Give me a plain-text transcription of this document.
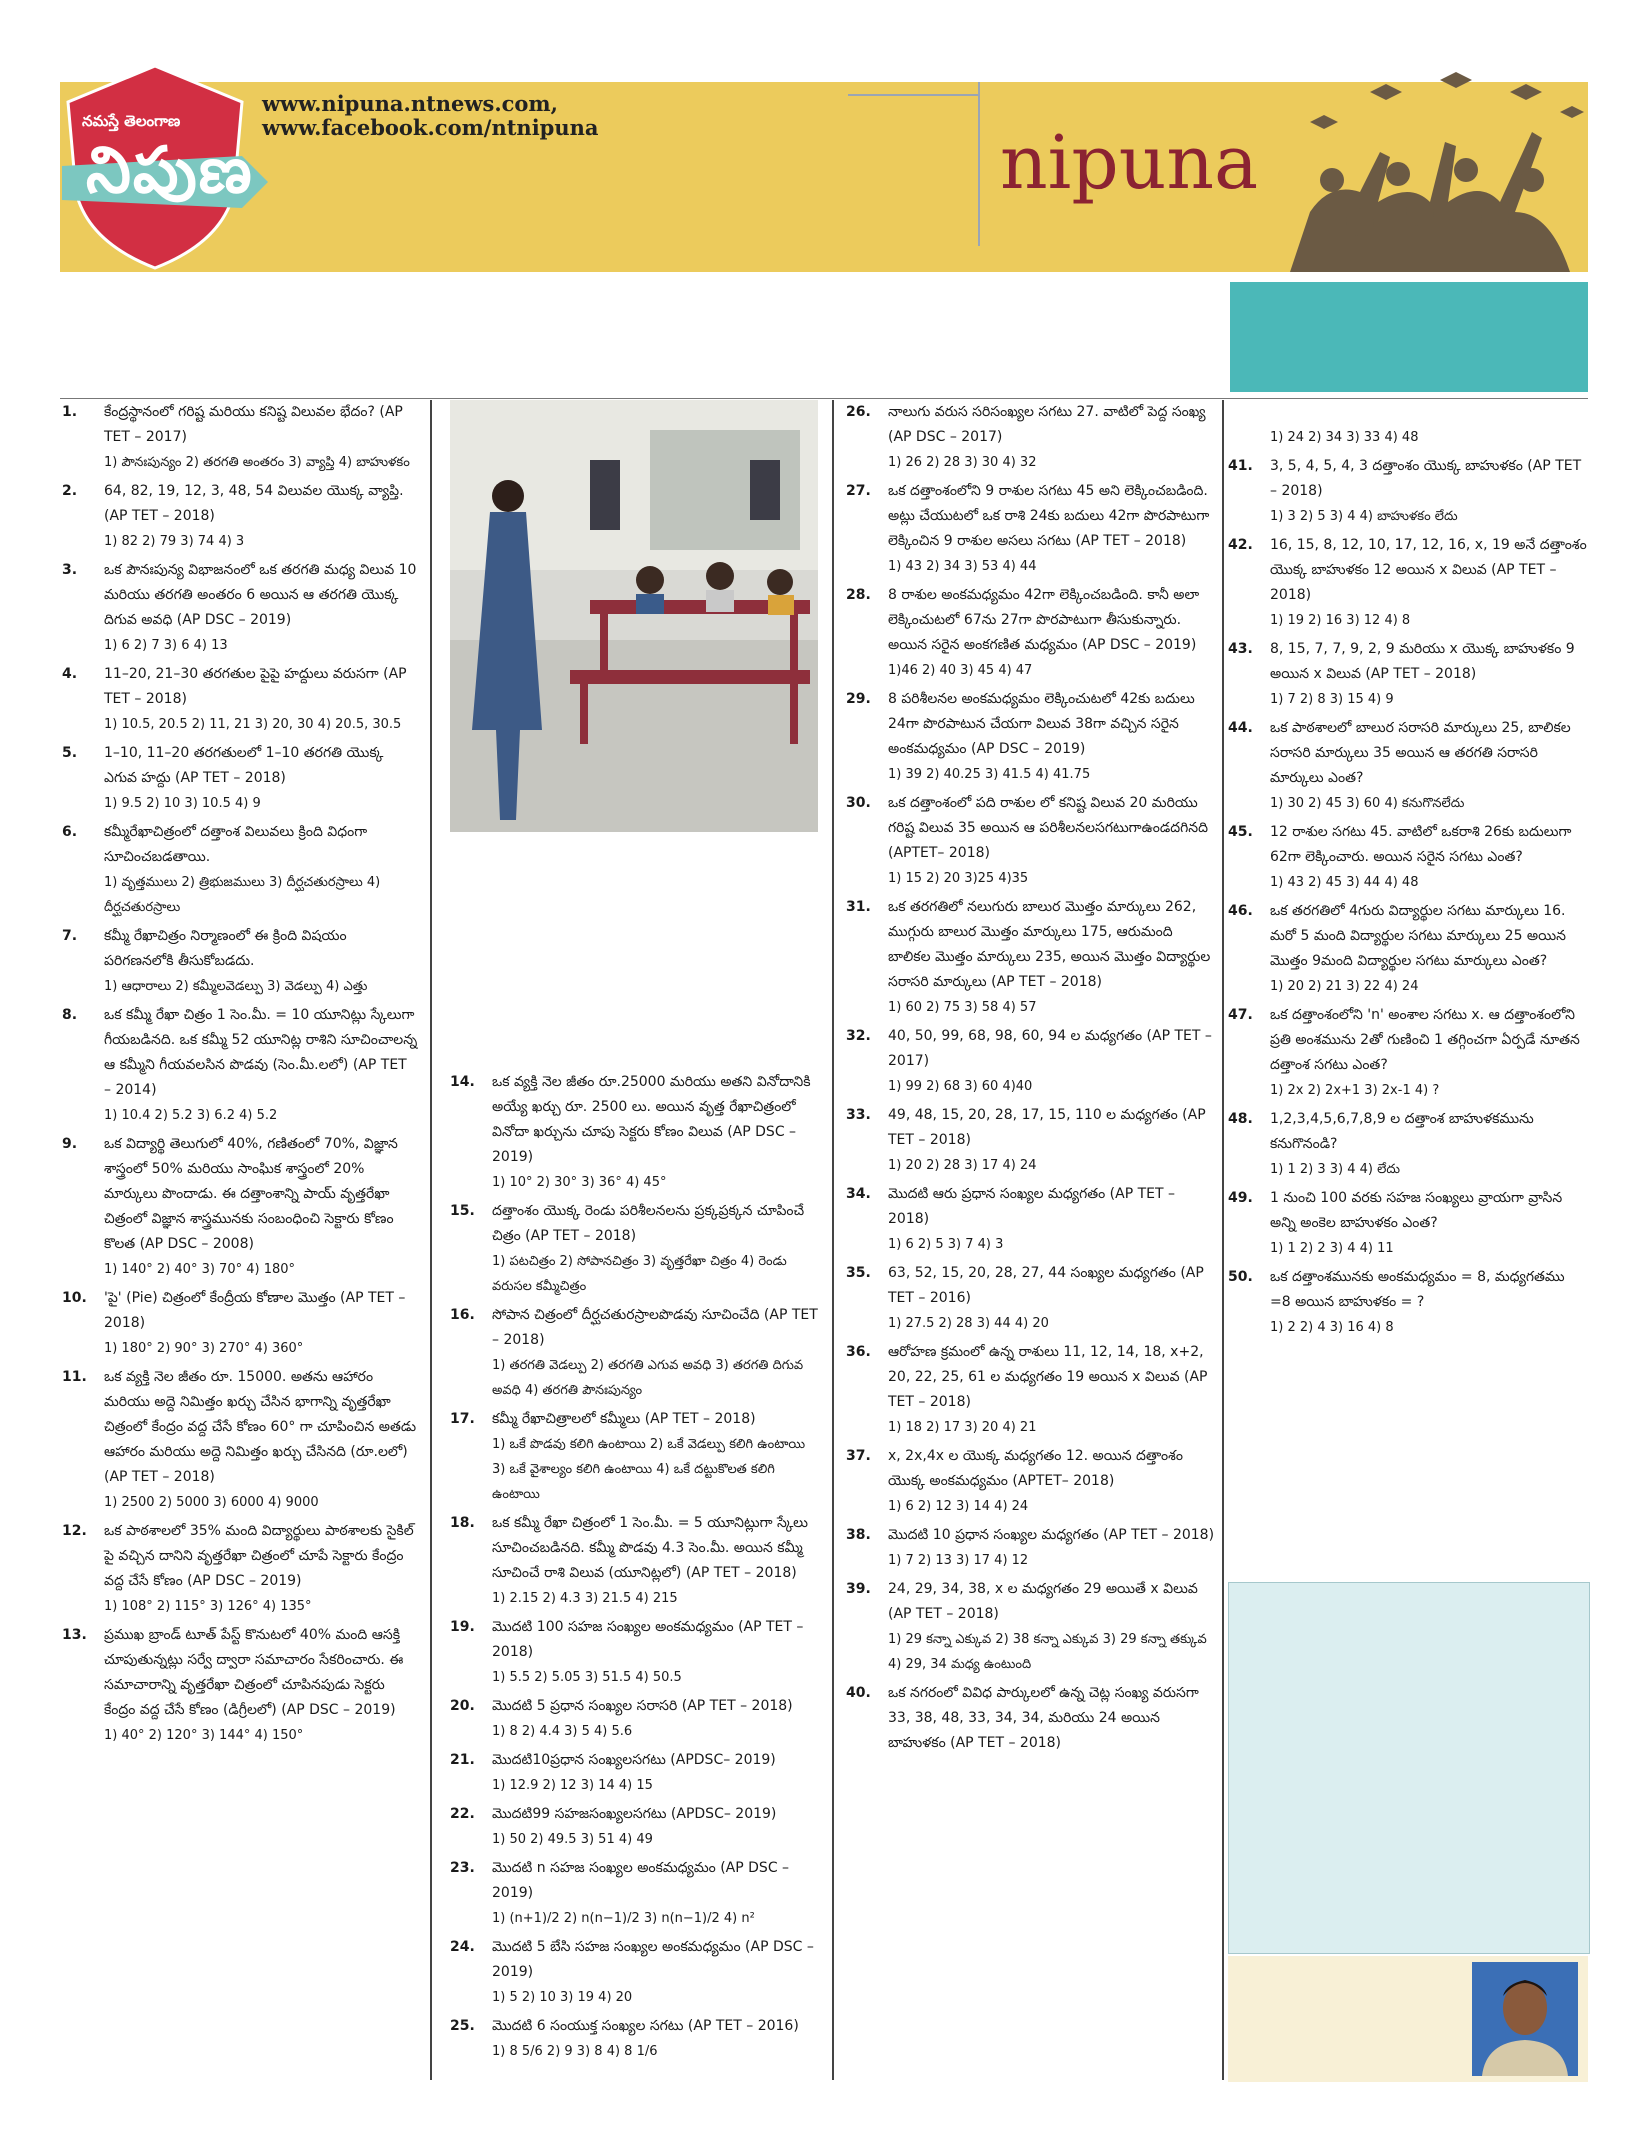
నమస్తే తెలంగాణ
నిపుణ
www.nipuna.ntnews.com,
www.facebook.com/ntnipuna	nipuna
1. కేంద్రస్థానంలో గరిష్ట మరియు కనిష్ట విలువల భేదం? (AP TET – 2017)
1) పౌనఃపున్యం 2) తరగతి అంతరం 3) వ్యాప్తి 4) బాహుళకం
2. 64, 82, 19, 12, 3, 48, 54 విలువల యొక్క వ్యాప్తి. (AP TET – 2018)
1) 82 2) 79 3) 74 4) 3
3. ఒక పౌనఃపున్య విభాజనంలో ఒక తరగతి మధ్య విలువ 10 మరియు తరగతి అంతరం 6 అయిన ఆ తరగతి యొక్క దిగువ అవధి (AP DSC – 2019)
1) 6 2) 7 3) 6 4) 13
4. 11–20, 21–30 తరగతుల పైపై హద్దులు వరుసగా (AP TET – 2018)
1) 10.5, 20.5 2) 11, 21 3) 20, 30 4) 20.5, 30.5
5. 1–10, 11–20 తరగతులలో 1–10 తరగతి యొక్క ఎగువ హద్దు (AP TET – 2018)
1) 9.5 2) 10 3) 10.5 4) 9
6. కమ్మీరేఖాచిత్రంలో దత్తాంశ విలువలు క్రింది విధంగా సూచించబడతాయి.
1) వృత్తములు 2) త్రిభుజములు 3) దీర్ఘచతురస్రాలు 4) దీర్ఘచతురస్రాలు
7. కమ్మీ రేఖాచిత్రం నిర్మాణంలో ఈ క్రింది విషయం పరిగణనలోకి తీసుకోబడదు.
1) ఆధారాలు 2) కమ్మీలవెడల్పు 3) వెడల్పు 4) ఎత్తు
8. ఒక కమ్మీ రేఖా చిత్రం 1 సెం.మీ. = 10 యూనిట్లు స్కేలుగా గీయబడినది. ఒక కమ్మీ 52 యూనిట్ల రాశిని సూచించాలన్న ఆ కమ్మీని గీయవలసిన పొడవు (సెం.మీ.లలో) (AP TET – 2014)
1) 10.4 2) 5.2 3) 6.2 4) 5.2
9. ఒక విద్యార్థి తెలుగులో 40%, గణితంలో 70%, విజ్ఞాన శాస్త్రంలో 50% మరియు సాంఘిక శాస్త్రంలో 20% మార్కులు పొందాడు. ఈ దత్తాంశాన్ని పాయ్ వృత్తరేఖా చిత్రంలో విజ్ఞాన శాస్త్రమునకు సంబంధించి సెక్టారు కోణం కొలత (AP DSC – 2008)
1) 140° 2) 40° 3) 70° 4) 180°
10. 'పై' (Pie) చిత్రంలో కేంద్రీయ కోణాల మొత్తం (AP TET – 2018)
1) 180° 2) 90° 3) 270° 4) 360°
11. ఒక వ్యక్తి నెల జీతం రూ. 15000. అతను ఆహారం మరియు అద్దె నిమిత్తం ఖర్చు చేసిన భాగాన్ని వృత్తరేఖా చిత్రంలో కేంద్రం వద్ద చేసే కోణం 60° గా చూపించిన అతడు ఆహారం మరియు అద్దె నిమిత్తం ఖర్చు చేసినది (రూ.లలో) (AP TET – 2018)
1) 2500 2) 5000 3) 6000 4) 9000
12. ఒక పాఠశాలలో 35% మంది విద్యార్థులు పాఠశాలకు సైకిల్ పై వచ్చిన దానిని వృత్తరేఖా చిత్రంలో చూపే సెక్టారు కేంద్రం వద్ద చేసే కోణం (AP DSC – 2019)
1) 108° 2) 115° 3) 126° 4) 135°
13. ప్రముఖ బ్రాండ్ టూత్ పేస్ట్ కొనుటలో 40% మంది ఆసక్తి చూపుతున్నట్లు సర్వే ద్వారా సమాచారం సేకరించారు. ఈ సమాచారాన్ని వృత్తరేఖా చిత్రంలో చూపినపుడు సెక్టరు కేంద్రం వద్ద చేసే కోణం (డిగ్రీలలో) (AP DSC – 2019)
1) 40° 2) 120° 3) 144° 4) 150°
14. ఒక వ్యక్తి నెల జీతం రూ.25000 మరియు అతని వినోదానికి అయ్యే ఖర్చు రూ. 2500 లు. అయిన వృత్త రేఖాచిత్రంలో వినోదా ఖర్చును చూపు సెక్టరు కోణం విలువ (AP DSC – 2019)
1) 10° 2) 30° 3) 36° 4) 45°
15. దత్తాంశం యొక్క రెండు పరిశీలనలను ప్రక్కప్రక్కన చూపించే చిత్రం (AP TET – 2018)
1) పటచిత్రం 2) సోపానచిత్రం 3) వృత్తరేఖా చిత్రం 4) రెండు వరుసల కమ్మీచిత్రం
16. సోపాన చిత్రంలో దీర్ఘచతురస్రాలపొడవు సూచించేది (AP TET – 2018)
1) తరగతి వెడల్పు 2) తరగతి ఎగువ అవధి 3) తరగతి దిగువ అవధి 4) తరగతి పౌనఃపున్యం
17. కమ్మీ రేఖాచిత్రాలలో కమ్మీలు (AP TET – 2018)
1) ఒకే పొడవు కలిగి ఉంటాయి 2) ఒకే వెడల్పు కలిగి ఉంటాయి 3) ఒకే వైశాల్యం కలిగి ఉంటాయి 4) ఒకే దట్టుకొలత కలిగి ఉంటాయి
18. ఒక కమ్మీ రేఖా చిత్రంలో 1 సెం.మీ. = 5 యూనిట్లుగా స్కేలు సూచించబడినది. కమ్మీ పొడవు 4.3 సెం.మీ. అయిన కమ్మీ సూచించే రాశి విలువ (యూనిట్లలో) (AP TET – 2018)
1) 2.15 2) 4.3 3) 21.5 4) 215
19. మొదటి 100 సహజ సంఖ్యల అంకమధ్యమం (AP TET – 2018)
1) 5.5 2) 5.05 3) 51.5 4) 50.5
20. మొదటి 5 ప్రధాన సంఖ్యల సరాసరి (AP TET – 2018)
1) 8 2) 4.4 3) 5 4) 5.6
21. మొదటి10ప్రధాన సంఖ్యలసగటు (APDSC– 2019)
1) 12.9 2) 12 3) 14 4) 15
22. మొదటి99 సహజసంఖ్యలసగటు (APDSC– 2019)
1) 50 2) 49.5 3) 51 4) 49
23. మొదటి n సహజ సంఖ్యల అంకమధ్యమం (AP DSC – 2019)
1) (n+1)/2 2) n(n−1)/2 3) n(n−1)/2 4) n²
24. మొదటి 5 బేసి సహజ సంఖ్యల అంకమధ్యమం (AP DSC – 2019)
1) 5 2) 10 3) 19 4) 20
25. మొదటి 6 సంయుక్త సంఖ్యల సగటు (AP TET – 2016)
1) 8 5/6 2) 9 3) 8 4) 8 1/6
26. నాలుగు వరుస సరిసంఖ్యల సగటు 27. వాటిలో పెద్ద సంఖ్య (AP DSC – 2017)
1) 26 2) 28 3) 30 4) 32
27. ఒక దత్తాంశంలోని 9 రాశుల సగటు 45 అని లెక్కించబడింది. అట్లు చేయుటలో ఒక రాశి 24కు బదులు 42గా పొరపాటుగా లెక్కించిన 9 రాశుల అసలు సగటు (AP TET – 2018)
1) 43 2) 34 3) 53 4) 44
28. 8 రాశుల అంకమధ్యమం 42గా లెక్కించబడింది. కానీ అలా లెక్కించుటలో 67ను 27గా పొరపాటుగా తీసుకున్నారు. అయిన సరైన అంకగణిత మధ్యమం (AP DSC – 2019)
1)46 2) 40 3) 45 4) 47
29. 8 పరిశీలనల అంకమధ్యమం లెక్కించుటలో 42కు బదులు 24గా పొరపాటున చేయగా విలువ 38గా వచ్చిన సరైన అంకమధ్యమం (AP DSC – 2019)
1) 39 2) 40.25 3) 41.5 4) 41.75
30. ఒక దత్తాంశంలో పది రాశుల లో కనిష్ట విలువ 20 మరియు గరిష్ట విలువ 35 అయిన ఆ పరిశీలనలసగటుగాఉండదగినది (APTET– 2018)
1) 15 2) 20 3)25 4)35
31. ఒక తరగతిలో నలుగురు బాలుర మొత్తం మార్కులు 262, ముగ్గురు బాలుర మొత్తం మార్కులు 175, ఆరుమంది బాలికల మొత్తం మార్కులు 235, అయిన మొత్తం విద్యార్థుల సరాసరి మార్కులు (AP TET – 2018)
1) 60 2) 75 3) 58 4) 57
32. 40, 50, 99, 68, 98, 60, 94 ల మధ్యగతం (AP TET – 2017)
1) 99 2) 68 3) 60 4)40
33. 49, 48, 15, 20, 28, 17, 15, 110 ల మధ్యగతం (AP TET – 2018)
1) 20 2) 28 3) 17 4) 24
34. మొదటి ఆరు ప్రధాన సంఖ్యల మధ్యగతం (AP TET – 2018)
1) 6 2) 5 3) 7 4) 3
35. 63, 52, 15, 20, 28, 27, 44 సంఖ్యల మధ్యగతం (AP TET – 2016)
1) 27.5 2) 28 3) 44 4) 20
36. ఆరోహణ క్రమంలో ఉన్న రాశులు 11, 12, 14, 18, x+2, 20, 22, 25, 61 ల మధ్యగతం 19 అయిన x విలువ (AP TET – 2018)
1) 18 2) 17 3) 20 4) 21
37. x, 2x,4x ల యొక్క మధ్యగతం 12. అయిన దత్తాంశం యొక్క అంకమధ్యమం (APTET– 2018)
1) 6 2) 12 3) 14 4) 24
38. మొదటి 10 ప్రధాన సంఖ్యల మధ్యగతం (AP TET – 2018)
1) 7 2) 13 3) 17 4) 12
39. 24, 29, 34, 38, x ల మధ్యగతం 29 అయితే x విలువ (AP TET – 2018)
1) 29 కన్నా ఎక్కువ 2) 38 కన్నా ఎక్కువ 3) 29 కన్నా తక్కువ 4) 29, 34 మధ్య ఉంటుంది
40. ఒక నగరంలో వివిధ పార్కులలో ఉన్న చెట్ల సంఖ్య వరుసగా 33, 38, 48, 33, 34, 34, మరియు 24 అయిన బాహుళకం (AP TET – 2018)
1) 24 2) 34 3) 33 4) 48
41. 3, 5, 4, 5, 4, 3 దత్తాంశం యొక్క బాహుళకం (AP TET – 2018)
1) 3 2) 5 3) 4 4) బాహుళకం లేదు
42. 16, 15, 8, 12, 10, 17, 12, 16, x, 19 అనే దత్తాంశం యొక్క బాహుళకం 12 అయిన x విలువ (AP TET – 2018)
1) 19 2) 16 3) 12 4) 8
43. 8, 15, 7, 7, 9, 2, 9 మరియు x యొక్క బాహుళకం 9 అయిన x విలువ (AP TET – 2018)
1) 7 2) 8 3) 15 4) 9
44. ఒక పాఠశాలలో బాలుర సరాసరి మార్కులు 25, బాలికల సరాసరి మార్కులు 35 అయిన ఆ తరగతి సరాసరి మార్కులు ఎంత?
1) 30 2) 45 3) 60 4) కనుగొనలేదు
45. 12 రాశుల సగటు 45. వాటిలో ఒకరాశి 26కు బదులుగా 62గా లెక్కించారు. అయిన సరైన సగటు ఎంత?
1) 43 2) 45 3) 44 4) 48
46. ఒక తరగతిలో 4గురు విద్యార్థుల సగటు మార్కులు 16. మరో 5 మంది విద్యార్థుల సగటు మార్కులు 25 అయిన మొత్తం 9మంది విద్యార్థుల సగటు మార్కులు ఎంత?
1) 20 2) 21 3) 22 4) 24
47. ఒక దత్తాంశంలోని 'n' అంశాల సగటు x. ఆ దత్తాంశంలోని ప్రతి అంశమును 2తో గుణించి 1 తగ్గించగా ఏర్పడే నూతన దత్తాంశ సగటు ఎంత?
1) 2x 2) 2x+1 3) 2x-1 4) ?
48. 1,2,3,4,5,6,7,8,9 ల దత్తాంశ బాహుళకమును కనుగొనండి?
1) 1 2) 3 3) 4 4) లేదు
49. 1 నుంచి 100 వరకు సహజ సంఖ్యలు వ్రాయగా వ్రాసిన అన్ని అంకెల బాహుళకం ఎంత?
1) 1 2) 2 3) 4 4) 11
50. ఒక దత్తాంశమునకు అంకమధ్యమం = 8, మధ్యగతము =8 అయిన బాహుళకం = ?
1) 2 2) 4 3) 16 4) 8
